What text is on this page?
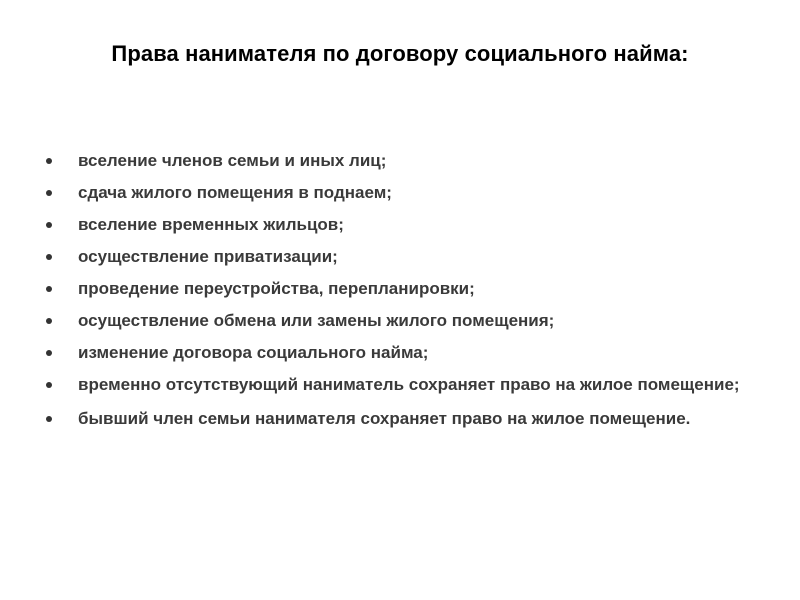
Права нанимателя по договору социального найма:
вселение членов семьи и иных лиц;
сдача жилого помещения в поднаем;
вселение временных жильцов;
осуществление приватизации;
проведение переустройства, перепланировки;
осуществление обмена или замены жилого помещения;
изменение договора социального найма;
временно отсутствующий наниматель сохраняет право на жилое помещение;
бывший член семьи нанимателя сохраняет право на жилое помещение.
